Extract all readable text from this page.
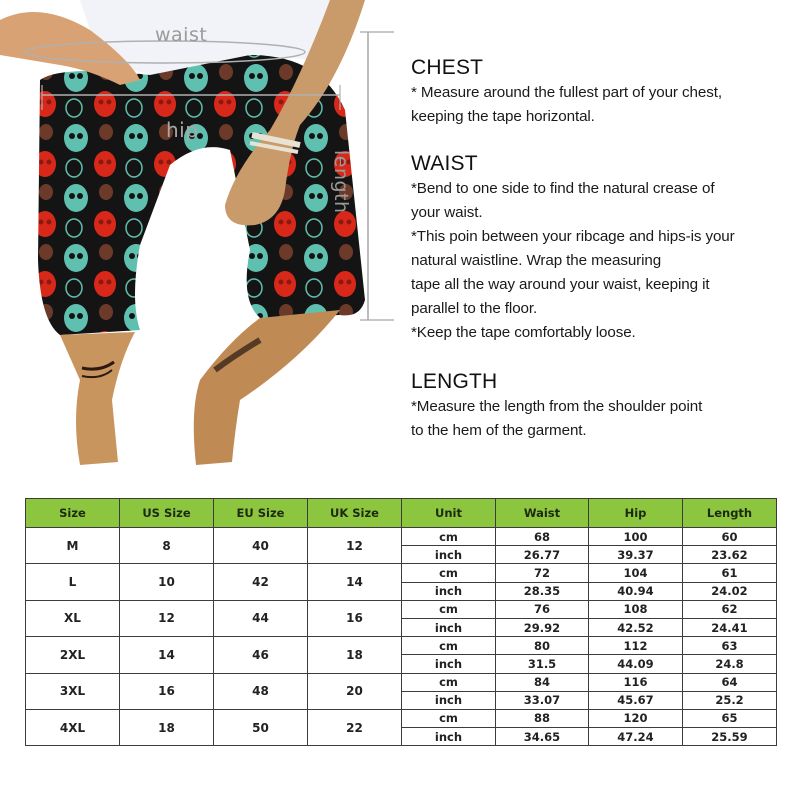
waist
hip
length
CHEST

* Measure around the fullest part of your chest,

keeping the tape horizontal.

WAIST

*Bend to one side to find the natural crease of

your waist.

*This poin between your ribcage and hips-is your

natural waistline. Wrap the measuring

tape all the way around your waist, keeping it

parallel to the floor.

*Keep the tape comfortably loose.

LENGTH

*Measure the length from the shoulder point

to the hem of the garment.

Size	US Size	EU Size	UK Size	Unit	Waist	Hip	Length
M	8	40	12	cm	68	100	60
				inch	26.77	39.37	23.62
L	10	42	14	cm	72	104	61
				inch	28.35	40.94	24.02
XL	12	44	16	cm	76	108	62
				inch	29.92	42.52	24.41
2XL	14	46	18	cm	80	112	63
				inch	31.5	44.09	24.8
3XL	16	48	20	cm	84	116	64
				inch	33.07	45.67	25.2
4XL	18	50	22	cm	88	120	65
				inch	34.65	47.24	25.59
